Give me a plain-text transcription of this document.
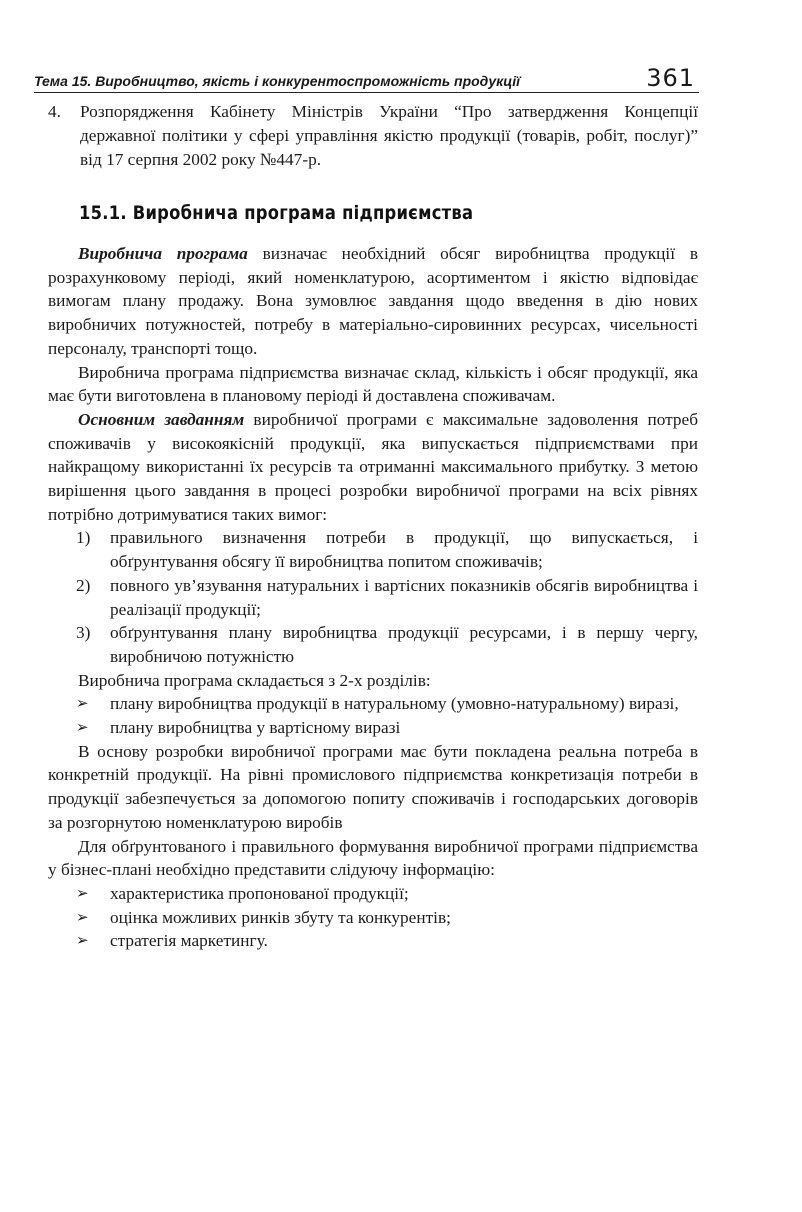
Тема 15. Виробництво, якість і конкурентоспроможність продукції	361
4. Розпорядження Кабінету Міністрів України “Про затвердження Концепції державної політики у сфері управління якістю продукції (товарів, робіт, послуг)” від 17 серпня 2002 року №447-р.
15.1. Виробнича програма підприємства

Виробнича програма визначає необхідний обсяг виробництва продукції в розрахунковому періоді, який номенклатурою, асортиментом і якістю відповідає вимогам плану продажу. Вона зумовлює завдання щодо введення в дію нових виробничих потужностей, потребу в матеріально-сировинних ресурсах, чисельності персоналу, транспорті тощо.

Виробнича програма підприємства визначає склад, кількість і обсяг продукції, яка має бути виготовлена в плановому періоді й доставлена споживачам.

Основним завданням виробничої програми є максимальне задоволення потреб споживачів у високоякісній продукції, яка випускається підприємствами при найкращому використанні їх ресурсів та отриманні максимального прибутку. З метою вирішення цього завдання в процесі розробки виробничої програми на всіх рівнях потрібно дотримуватися таких вимог:

1) правильного визначення потреби в продукції, що випускається, і обґрунтування обсягу її виробництва попитом споживачів;
2) повного ув’язування натуральних і вартісних показників обсягів виробництва і реалізації продукції;
3) обґрунтування плану виробництва продукції ресурсами, і в першу чергу, виробничою потужністю

Виробнича програма складається з 2-х розділів:

➢ плану виробництва продукції в натуральному (умовно-натуральному) виразі,
➢ плану виробництва у вартісному виразі

В основу розробки виробничої програми має бути покладена реальна потреба в конкретній продукції. На рівні промислового підприємства конкретизація потреби в продукції забезпечується за допомогою попиту споживачів і господарських договорів за розгорнутою номенклатурою виробів

Для обґрунтованого і правильного формування виробничої програми підприємства у бізнес-плані необхідно представити слідуючу інформацію:

➢ характеристика пропонованої продукції;
➢ оцінка можливих ринків збуту та конкурентів;
➢ стратегія маркетингу.
